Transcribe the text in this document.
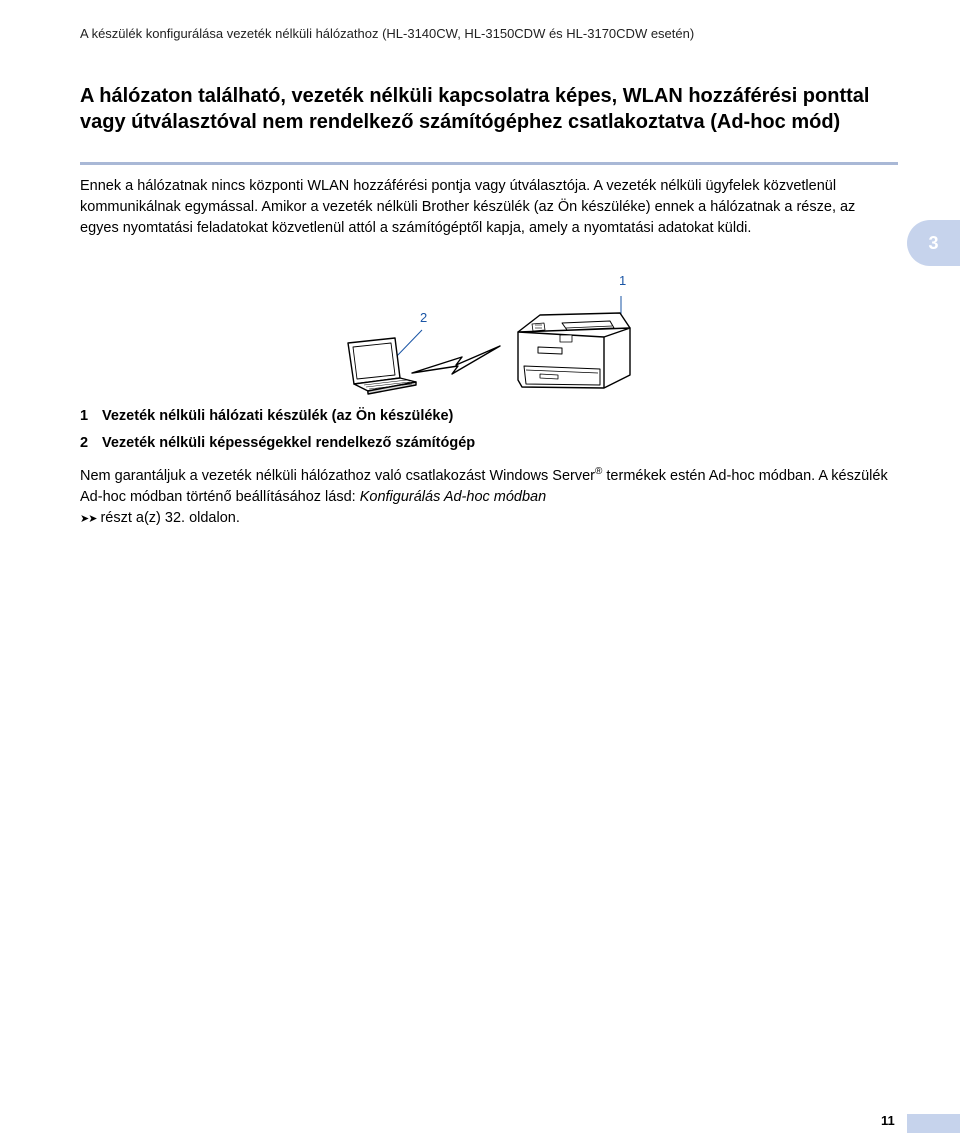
A készülék konfigurálása vezeték nélküli hálózathoz (HL-3140CW, HL-3150CDW és HL-3170CDW esetén)
A hálózaton található, vezeték nélküli kapcsolatra képes, WLAN hozzáférési ponttal vagy útválasztóval nem rendelkező számítógéphez csatlakoztatva (Ad-hoc mód)

Ennek a hálózatnak nincs központi WLAN hozzáférési pontja vagy útválasztója. A vezeték nélküli ügyfelek közvetlenül kommunikálnak egymással. Amikor a vezeték nélküli Brother készülék (az Ön készüléke) ennek a hálózatnak a része, az egyes nyomtatási feladatokat közvetlenül attól a számítógéptől kapja, amely a nyomtatási adatokat küldi.

3
1
2
1 Vezeték nélküli hálózati készülék (az Ön készüléke)
2 Vezeték nélküli képességekkel rendelkező számítógép

Nem garantáljuk a vezeték nélküli hálózathoz való csatlakozást Windows Server® termékek estén Ad-hoc módban. A készülék Ad-hoc módban történő beállításához lásd: Konfigurálás Ad-hoc módban
➤➤ részt a(z) 32. oldalon.

11
